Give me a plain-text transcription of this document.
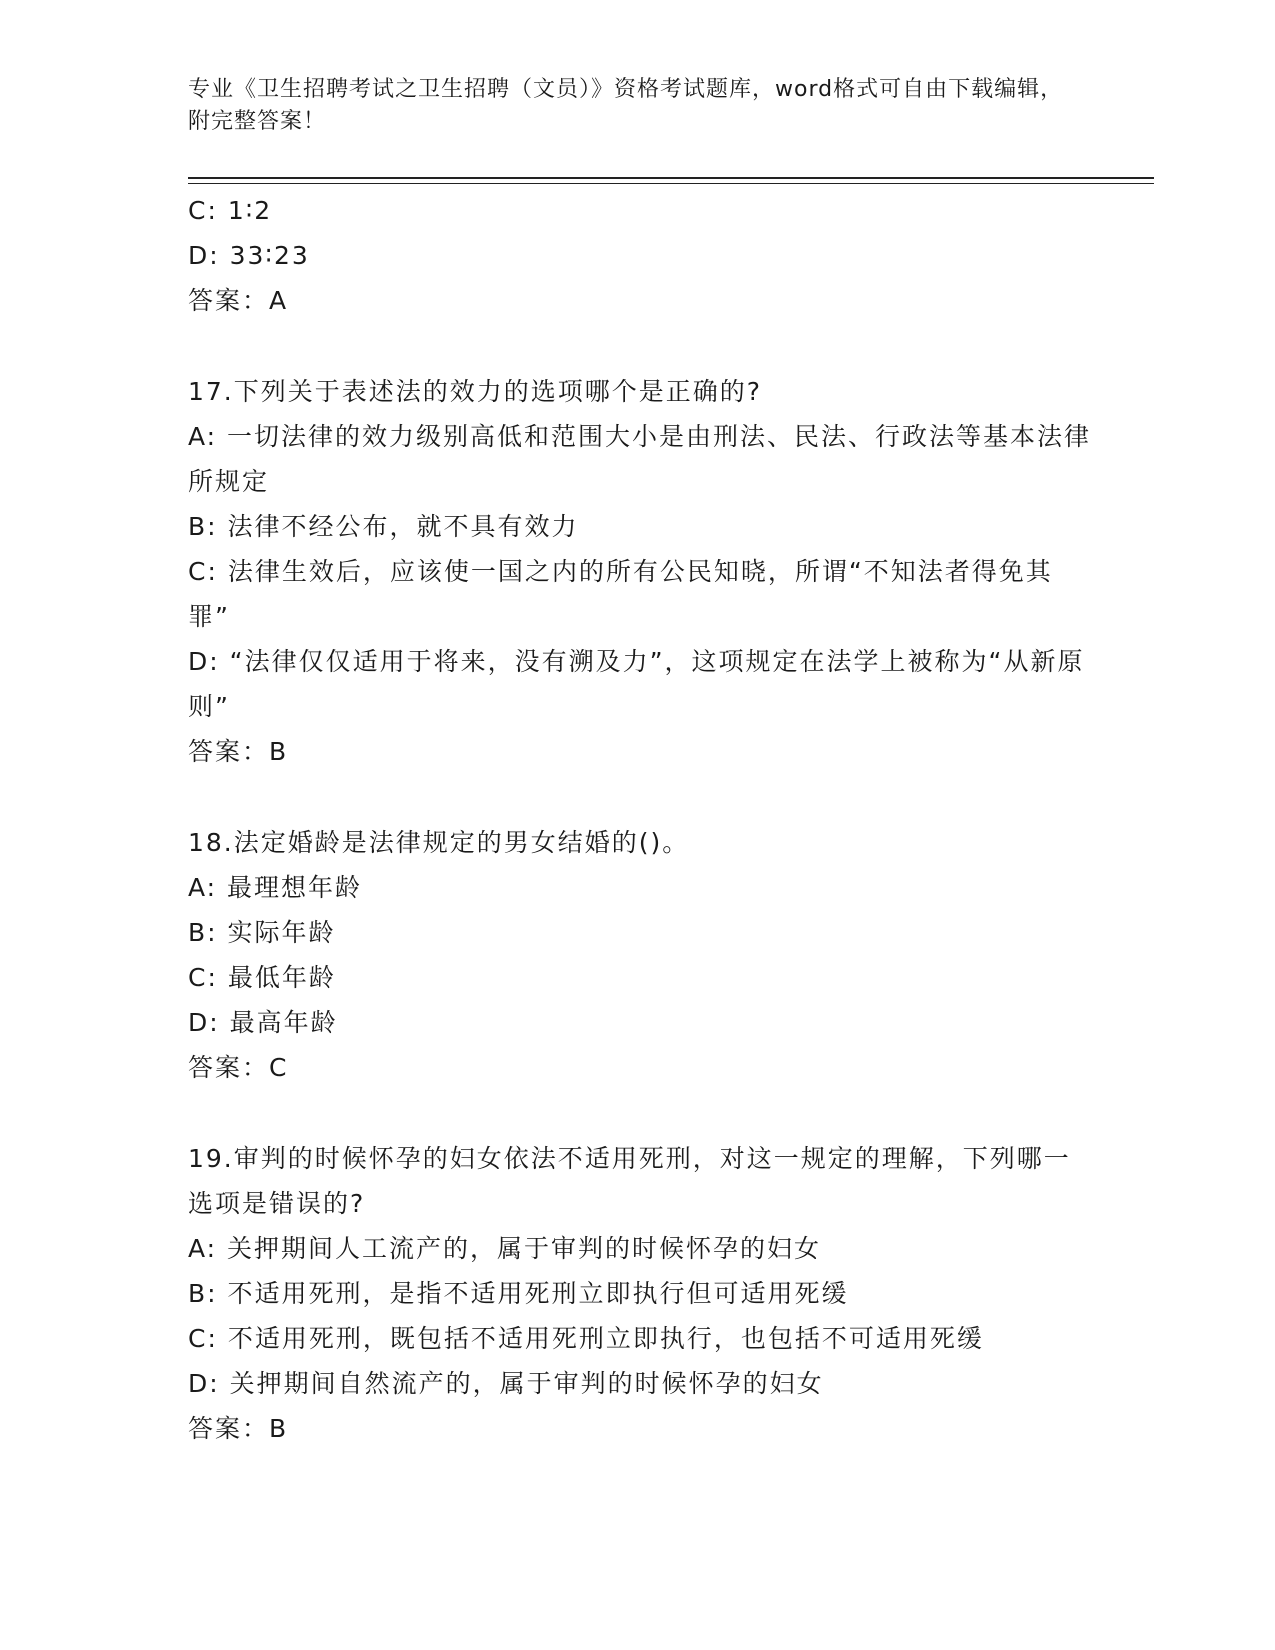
专业《卫生招聘考试之卫生招聘（文员）》资格考试题库，word格式可自由下载编辑，附完整答案！
C: 1∶2
D: 33∶23
答案：A
17.下列关于表述法的效力的选项哪个是正确的?
A: 一切法律的效力级别高低和范围大小是由刑法、民法、行政法等基本法律所规定
B: 法律不经公布，就不具有效力
C: 法律生效后，应该使一国之内的所有公民知晓，所谓“不知法者得免其罪”
D: “法律仅仅适用于将来，没有溯及力”，这项规定在法学上被称为“从新原则”
答案：B
18.法定婚龄是法律规定的男女结婚的()。
A: 最理想年龄
B: 实际年龄
C: 最低年龄
D: 最高年龄
答案：C
19.审判的时候怀孕的妇女依法不适用死刑，对这一规定的理解，下列哪一选项是错误的?
A: 关押期间人工流产的，属于审判的时候怀孕的妇女
B: 不适用死刑，是指不适用死刑立即执行但可适用死缓
C: 不适用死刑，既包括不适用死刑立即执行，也包括不可适用死缓
D: 关押期间自然流产的，属于审判的时候怀孕的妇女
答案：B
